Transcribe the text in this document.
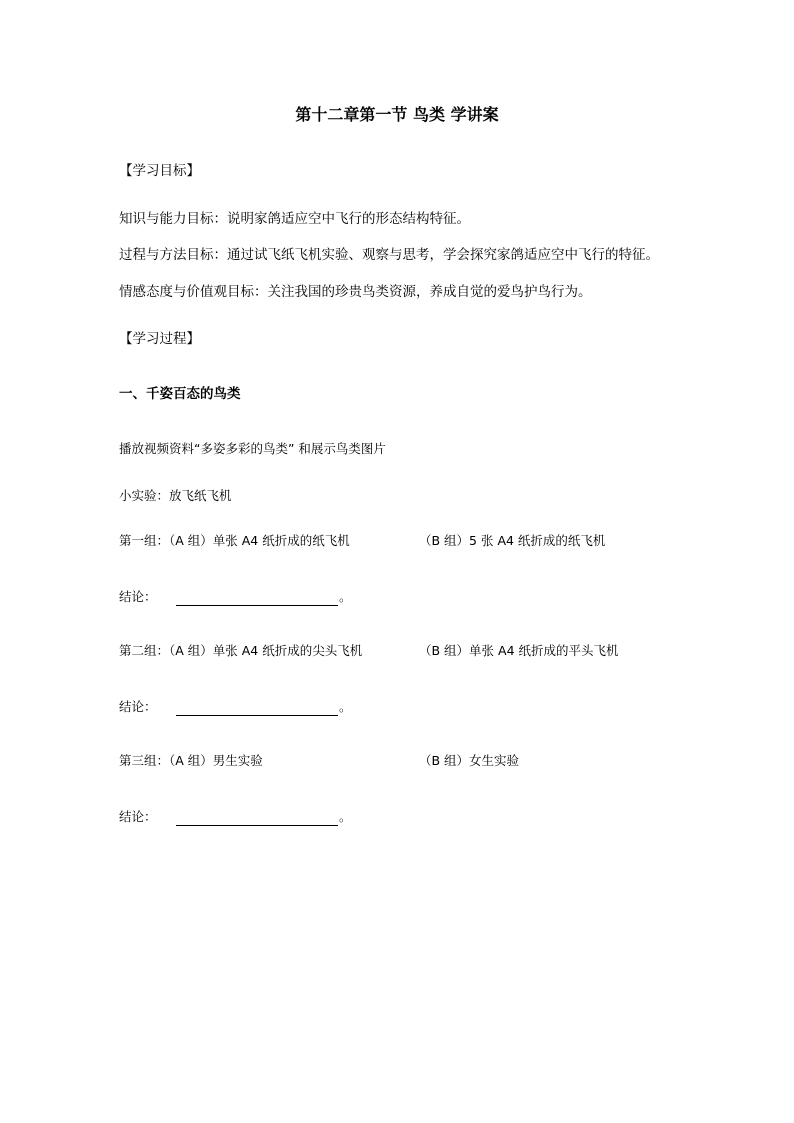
第十二章第一节 鸟类 学讲案
【学习目标】
知识与能力目标：说明家鸽适应空中飞行的形态结构特征。
过程与方法目标：通过试飞纸飞机实验、观察与思考，学会探究家鸽适应空中飞行的特征。
情感态度与价值观目标：关注我国的珍贵鸟类资源，养成自觉的爱鸟护鸟行为。
【学习过程】
一、千姿百态的鸟类
播放视频资料“多姿多彩的鸟类” 和展示鸟类图片
小实验：放飞纸飞机
第一组：（A 组）单张 A4 纸折成的纸飞机	（B 组）5 张 A4 纸折成的纸飞机
结论：	。
第二组：（A 组）单张 A4 纸折成的尖头飞机	（B 组）单张 A4 纸折成的平头飞机
结论：	。
第三组：（A 组）男生实验	（B 组）女生实验
结论：	。
